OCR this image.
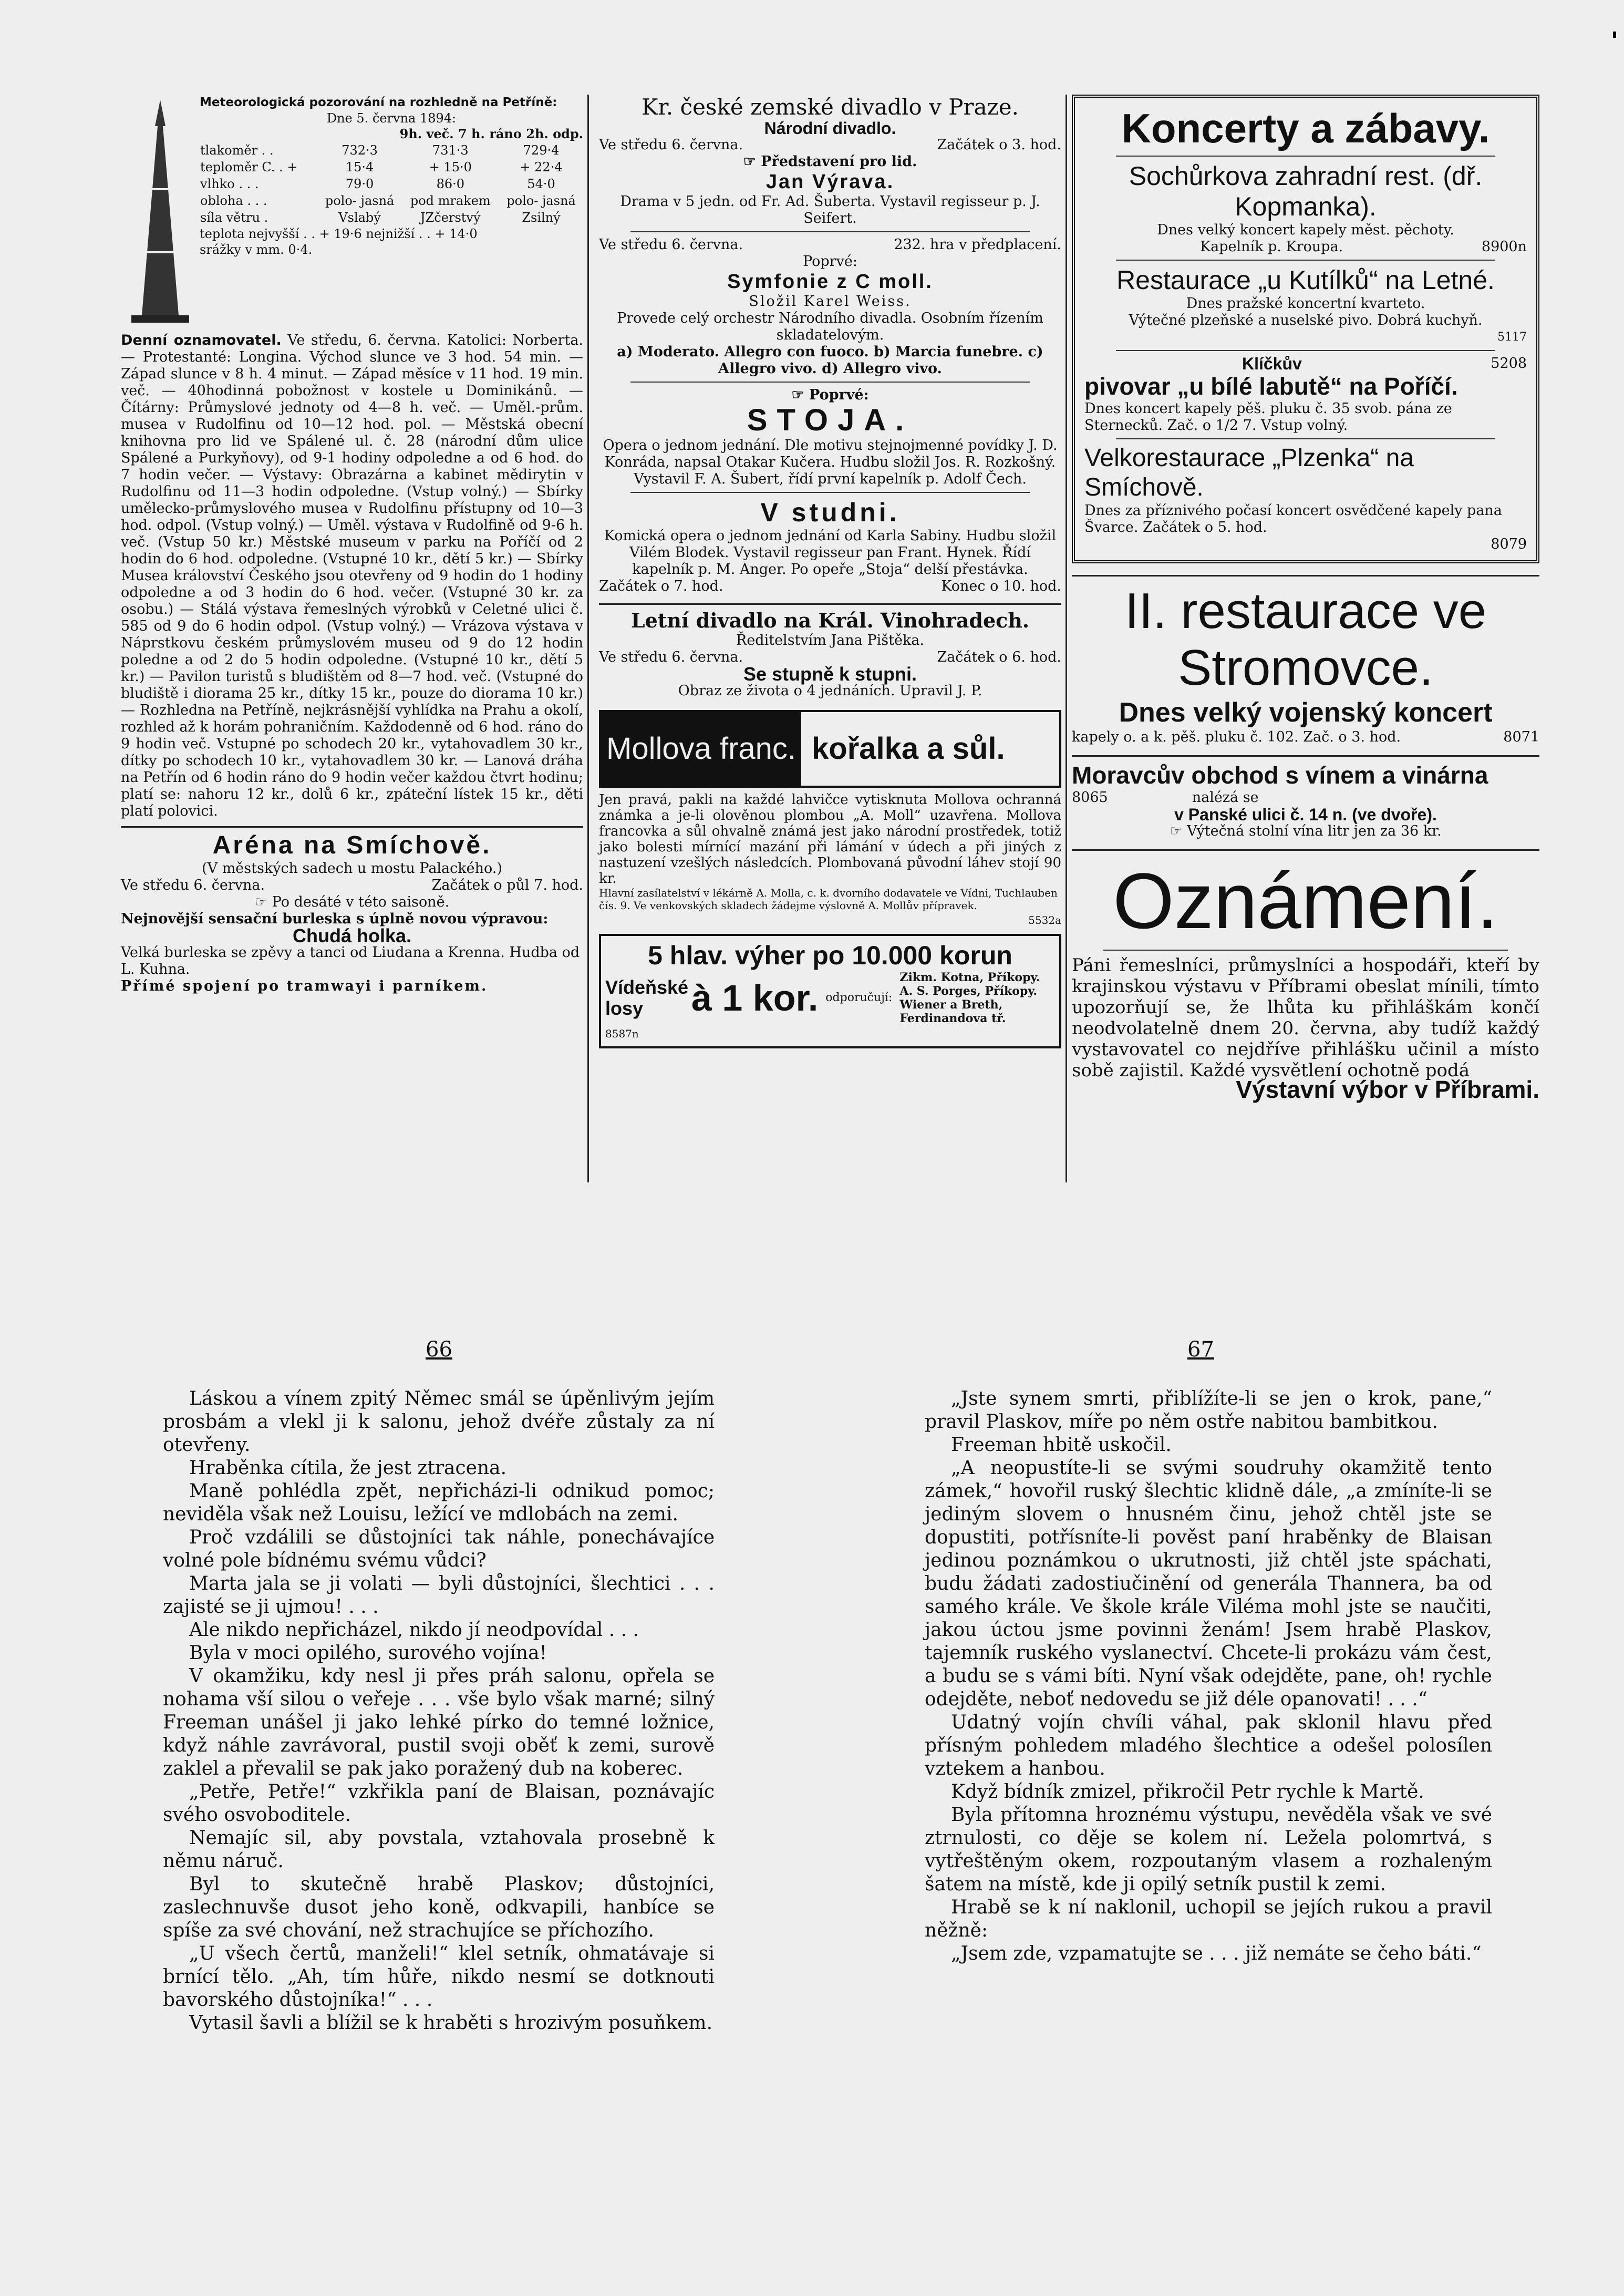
Meteorologická pozorování na rozhledně na Petříně:

Dne 5. června 1894:

9h. več. 7 h. ráno 2h. odp.

tlakoměr . .	732·3	731·3	729·4
teploměr C. . +	15·4	+ 15·0	+ 22·4
vlhko . . .	79·0	86·0	54·0
obloha . . .	polo- jasná	pod mrakem	polo- jasná
síla větru .	Vslabý	JZčerstvý	Zsilný

teplota nejvyšší . . + 19·6 nejnižší . . + 14·0

srážky v mm. 0·4.

Denní oznamovatel. Ve středu, 6. června. Katolici: Norberta. — Protestanté: Longina. Východ slunce ve 3 hod. 54 min. — Západ slunce v 8 h. 4 minut. — Západ měsíce v 11 hod. 19 min. več. — 40hodinná pobožnost v kostele u Dominikánů. — Čítárny: Průmyslové jednoty od 4—8 h. več. — Uměl.-prům. musea v Rudolfinu od 10—12 hod. pol. — Městská obecní knihovna pro lid ve Spálené ul. č. 28 (národní dům ulice Spálené a Purkyňovy), od 9-1 hodiny odpoledne a od 6 hod. do 7 hodin večer. — Výstavy: Obrazárna a kabinet mědirytin v Rudolfinu od 11—3 hodin odpoledne. (Vstup volný.) — Sbírky umělecko-průmyslového musea v Rudolfinu přístupny od 10—3 hod. odpol. (Vstup volný.) — Uměl. výstava v Rudolfině od 9-6 h. več. (Vstup 50 kr.) Městské museum v parku na Poříčí od 2 hodin do 6 hod. odpoledne. (Vstupné 10 kr., dětí 5 kr.) — Sbírky Musea království Českého jsou otevřeny od 9 hodin do 1 hodiny odpoledne a od 3 hodin do 6 hod. večer. (Vstupné 30 kr. za osobu.) — Stálá výstava řemeslných výrobků v Celetné ulici č. 585 od 9 do 6 hodin odpol. (Vstup volný.) — Vrázova výstava v Náprstkovu českém průmyslovém museu od 9 do 12 hodin poledne a od 2 do 5 hodin odpoledne. (Vstupné 10 kr., dětí 5 kr.) — Pavilon turistů s bludištěm od 8—7 hod. več. (Vstupné do bludiště i diorama 25 kr., dítky 15 kr., pouze do diorama 10 kr.) — Rozhledna na Petříně, nejkrásnější vyhlídka na Prahu a okolí, rozhled až k horám pohraničním. Každodenně od 6 hod. ráno do 9 hodin več. Vstupné po schodech 20 kr., vytahovadlem 30 kr., dítky po schodech 10 kr., vytahovadlem 30 kr. — Lanová dráha na Petřín od 6 hodin ráno do 9 hodin večer každou čtvrt hodinu; platí se: nahoru 12 kr., dolů 6 kr., zpáteční lístek 15 kr., děti platí polovici.

Aréna na Smíchově.

(V městských sadech u mostu Palackého.)

Ve středu 6. června.	Začátek o půl 7. hod.

☞ Po desáté v této saisoně.

Nejnovější sensační burleska s úplně novou výpravou:

Chudá holka.

Velká burleska se zpěvy a tanci od Liudana a Krenna. Hudba od L. Kuhna.

Přímé spojení po tramwayi i parníkem.

Kr. české zemské divadlo v Praze.

Národní divadlo.

Ve středu 6. června.	Začátek o 3. hod.

☞ Představení pro lid.

Jan Výrava.

Drama v 5 jedn. od Fr. Ad. Šuberta. Vystavil regisseur p. J. Seifert.

Ve středu 6. června.	232. hra v předplacení.

Poprvé:

Symfonie z C moll.

Složil Karel Weiss.

Provede celý orchestr Národního divadla. Osobním řízením skladatelovým.

a) Moderato. Allegro con fuoco. b) Marcia funebre. c) Allegro vivo. d) Allegro vivo.

☞ Poprvé:

STOJA.

Opera o jednom jednání. Dle motivu stejnojmenné povídky J. D. Konráda, napsal Otakar Kučera. Hudbu složil Jos. R. Rozkošný. Vystavil F. A. Šubert, řídí první kapelník p. Adolf Čech.

V studni.

Komická opera o jednom jednání od Karla Sabiny. Hudbu složil Vilém Blodek. Vystavil regisseur pan Frant. Hynek. Řídí kapelník p. M. Anger. Po opeře „Stoja“ delší přestávka.

Začátek o 7. hod.	Konec o 10. hod.

Letní divadlo na Král. Vinohradech.

Ředitelstvím Jana Pištěka.

Ve středu 6. června.	Začátek o 6. hod.

Se stupně k stupni.

Obraz ze života o 4 jednáních. Upravil J. P.

Mollova franc. kořalka a sůl.

Jen pravá, pakli na každé lahvičce vytisknuta Mollova ochranná známka a je-li olověnou plombou „A. Moll“ uzavřena. Mollova francovka a sůl ohvalně známá jest jako národní prostředek, totiž jako bolesti mírnící mazání při lámání v údech a při jiných z nastuzení vzešlých následcích. Plombovaná původní láhev stojí 90 kr.

Hlavní zasílatelství v lékárně A. Molla, c. k. dvorního dodavatele ve Vídni, Tuchlauben čís. 9. Ve venkovských skladech žádejme výslovně A. Mollův přípravek.

5532a

5 hlav. výher po 10.000 korun

Vídeňské losy	à 1 kor. odporučují:
Zikm. Kotna, Příkopy. A. S. Porges, Příkopy. Wiener a Breth, Ferdinandova tř.

8587n

Koncerty a zábavy.

Sochůrkova zahradní rest. (dř. Kopmanka).

Dnes velký koncert kapely měst. pěchoty.

Kapelník p. Kroupa.	8900n

Restaurace „u Kutílků“ na Letné.

Dnes pražské koncertní kvarteto.

Výtečné plzeňské a nuselské pivo. Dobrá kuchyň.

5117

Klíčkův	5208

pivovar „u bílé labutě“ na Poříčí.

Dnes koncert kapely pěš. pluku č. 35 svob. pána ze Sternecků. Zač. o 1/2 7. Vstup volný.

Velkorestaurace „Plzenka“ na Smíchově.

Dnes za příznivého počasí koncert osvědčené kapely pana Švarce. Začátek o 5. hod.

8079

II. restaurace ve Stromovce.

Dnes velký vojenský koncert

kapely o. a k. pěš. pluku č. 102. Zač. o 3. hod.	8071

Moravcův obchod s vínem a vinárna

8065	nalézá se

v Panské ulici č. 14 n. (ve dvoře).

☞ Výtečná stolní vína litr jen za 36 kr.

Oznámení.

Páni řemeslníci, průmyslníci a hospodáři, kteří by krajinskou výstavu v Příbrami obeslat mínili, tímto upozorňují se, že lhůta ku přihláškám končí neodvolatelně dnem 20. června, aby tudíž každý vystavovatel co nejdříve přihlášku učinil a místo sobě zajistil. Každé vysvětlení ochotně podá

Výstavní výbor v Příbrami.

66	67

Láskou a vínem zpitý Němec smál se úpěnlivým jejím prosbám a vlekl ji k salonu, jehož dvéře zůstaly za ní otevřeny.

Hraběnka cítila, že jest ztracena.

Maně pohlédla zpět, nepřicházi-li odnikud pomoc; neviděla však než Louisu, ležící ve mdlobách na zemi.

Proč vzdálili se důstojníci tak náhle, ponechávajíce volné pole bídnému svému vůdci?

Marta jala se ji volati — byli důstojníci, šlechtici . . . zajisté se ji ujmou! . . .

Ale nikdo nepřicházel, nikdo jí neodpovídal . . .

Byla v moci opilého, surového vojína!

V okamžiku, kdy nesl ji přes práh salonu, opřela se nohama vší silou o veřeje . . . vše bylo však marné; silný Freeman unášel ji jako lehké pírko do temné ložnice, když náhle zavrávoral, pustil svoji oběť k zemi, surově zaklel a převalil se pak jako poražený dub na koberec.

„Petře, Petře!“ vzkřikla paní de Blaisan, poznávajíc svého osvoboditele.

Nemajíc sil, aby povstala, vztahovala prosebně k němu náruč.

Byl to skutečně hrabě Plaskov; důstojníci, zaslechnuvše dusot jeho koně, odkvapili, hanbíce se spíše za své chování, než strachujíce se příchozího.

„U všech čertů, manželi!“ klel setník, ohmatávaje si brnící tělo. „Ah, tím hůře, nikdo nesmí se dotknouti bavorského důstojníka!“ . . .

Vytasil šavli a blížil se k hraběti s hrozivým posuňkem.

„Jste synem smrti, přiblížíte-li se jen o krok, pane,“ pravil Plaskov, míře po něm ostře nabitou bambitkou.

Freeman hbitě uskočil.

„A neopustíte-li se svými soudruhy okamžitě tento zámek,“ hovořil ruský šlechtic klidně dále, „a zmíníte-li se jediným slovem o hnusném činu, jehož chtěl jste se dopustiti, potřísníte-li pověst paní hraběnky de Blaisan jedinou poznámkou o ukrutnosti, již chtěl jste spáchati, budu žádati zadostiučinění od generála Thannera, ba od samého krále. Ve škole krále Viléma mohl jste se naučiti, jakou úctou jsme povinni ženám! Jsem hrabě Plaskov, tajemník ruského vyslanectví. Chcete-li prokázu vám čest, a budu se s vámi bíti. Nyní však odejděte, pane, oh! rychle odejděte, neboť nedovedu se již déle opanovati! . . .“

Udatný vojín chvíli váhal, pak sklonil hlavu před přísným pohledem mladého šlechtice a odešel polosílen vztekem a hanbou.

Když bídník zmizel, přikročil Petr rychle k Martě.

Byla přítomna hroznému výstupu, nevěděla však ve své ztrnulosti, co děje se kolem ní. Ležela polomrtvá, s vytřeštěným okem, rozpoutaným vlasem a rozhaleným šatem na místě, kde ji opilý setník pustil k zemi.

Hrabě se k ní naklonil, uchopil se jejích rukou a pravil něžně:

„Jsem zde, vzpamatujte se . . . již nemáte se čeho báti.“
